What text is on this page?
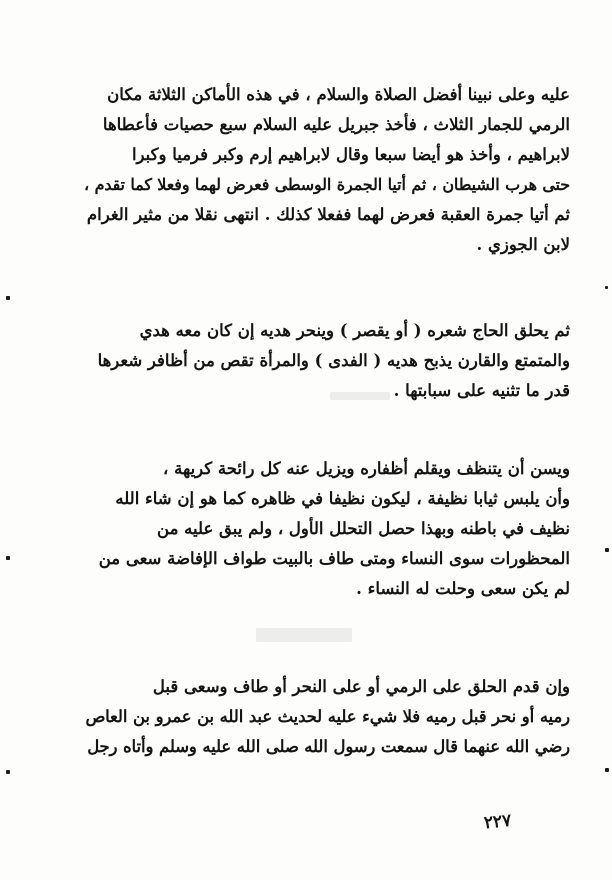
عليه وعلى نبينا أفضل الصلاة والسلام ، في هذه الأماكن الثلاثة مكان
الرمي للجمار الثلاث ، فأخذ جبريل عليه السلام سبع حصيات فأعطاها
لابراهيم ، وأخذ هو أيضا سبعا وقال لابراهيم إرم وكبر فرميا وكبرا
حتى هرب الشيطان ، ثم أتيا الجمرة الوسطى فعرض لهما وفعلا كما تقدم ،
ثم أتيا جمرة العقبة فعرض لهما ففعلا كذلك . انتهى نقلا من مثير الغرام
لابن الجوزي .
ثم يحلق الحاج شعره ( أو يقصر ) وينحر هديه إن كان معه هدي
والمتمتع والقارن يذبح هديه ( الفدى ) والمرأة تقص من أظافر شعرها
قدر ما تثنيه على سبابتها .
ويسن أن يتنظف ويقلم أظفاره ويزيل عنه كل رائحة كريهة ،
وأن يلبس ثيابا نظيفة ، ليكون نظيفا في ظاهره كما هو إن شاء الله
نظيف في باطنه وبهذا حصل التحلل الأول ، ولم يبق عليه من
المحظورات سوى النساء ومتى طاف بالبيت طواف الإفاضة سعى من
لم يكن سعى وحلت له النساء .
وإن قدم الحلق على الرمي أو على النحر أو طاف وسعى قبل
رميه أو نحر قبل رميه فلا شيء عليه لحديث عبد الله بن عمرو بن العاص
رضي الله عنهما قال سمعت رسول الله صلى الله عليه وسلم وأتاه رجل
٢٢٧
